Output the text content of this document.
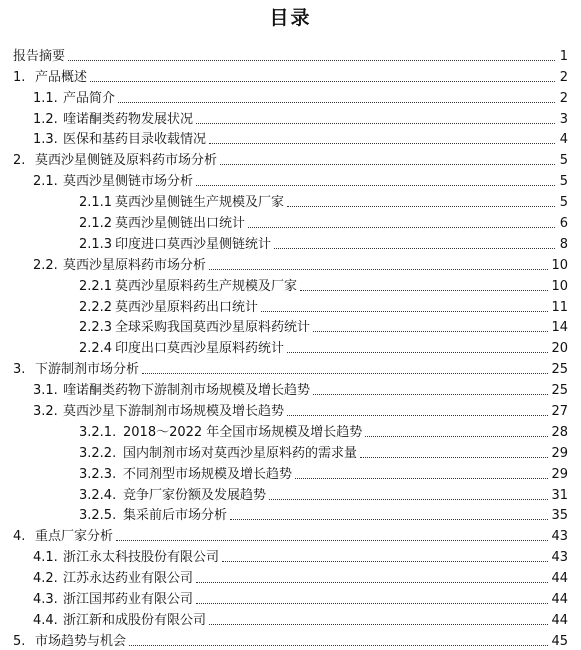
目录
报告摘要	1
1. 产品概述	2
1.1. 产品简介	2
1.2. 喹诺酮类药物发展状况	3
1.3. 医保和基药目录收载情况	4
2. 莫西沙星侧链及原料药市场分析	5
2.1. 莫西沙星侧链市场分析	5
2.1.1 莫西沙星侧链生产规模及厂家	5
2.1.2 莫西沙星侧链出口统计	6
2.1.3 印度进口莫西沙星侧链统计	8
2.2. 莫西沙星原料药市场分析	10
2.2.1 莫西沙星原料药生产规模及厂家	10
2.2.2 莫西沙星原料药出口统计	11
2.2.3 全球采购我国莫西沙星原料药统计	14
2.2.4 印度出口莫西沙星原料药统计	20
3. 下游制剂市场分析	25
3.1. 喹诺酮类药物下游制剂市场规模及增长趋势	25
3.2. 莫西沙星下游制剂市场规模及增长趋势	27
3.2.1. 2018～2022 年全国市场规模及增长趋势	28
3.2.2. 国内制剂市场对莫西沙星原料药的需求量	29
3.2.3. 不同剂型市场规模及增长趋势	29
3.2.4. 竞争厂家份额及发展趋势	31
3.2.5. 集采前后市场分析	35
4. 重点厂家分析	43
4.1. 浙江永太科技股份有限公司	43
4.2. 江苏永达药业有限公司	44
4.3. 浙江国邦药业有限公司	44
4.4. 浙江新和成股份有限公司	44
5. 市场趋势与机会	45
